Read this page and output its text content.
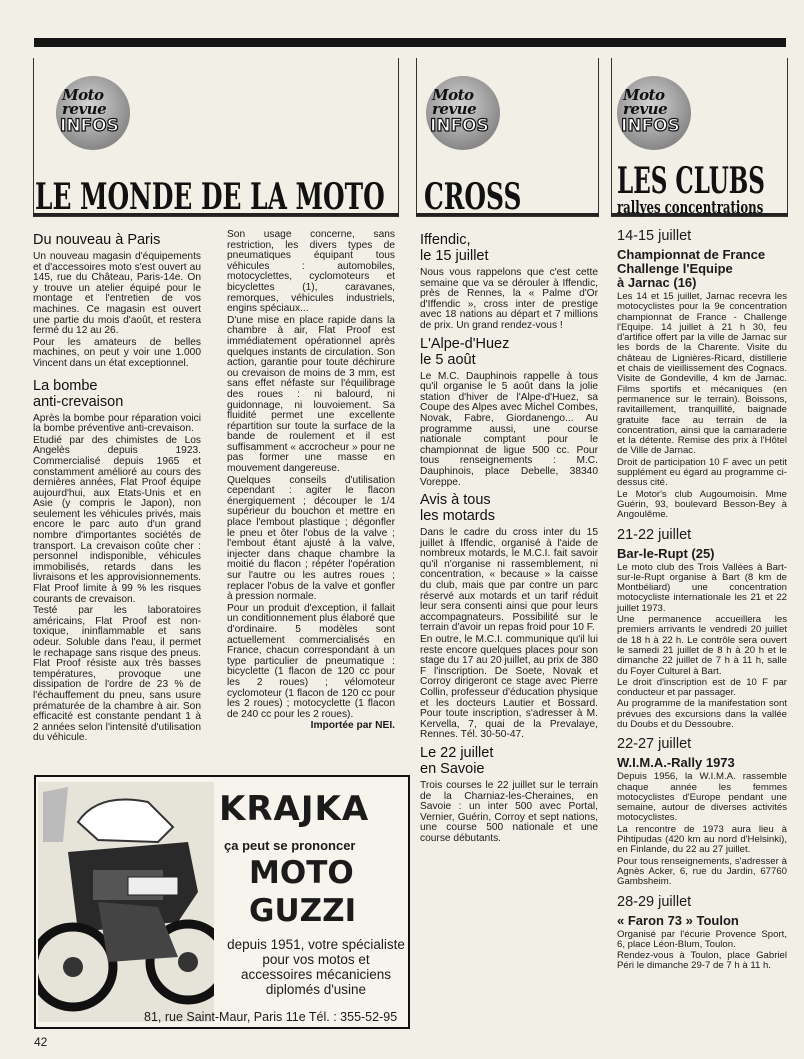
Moto
revue
INFOS
Moto
revue
INFOS
Moto
revue
INFOS
LE MONDE DE LA MOTO CROSS	LES CLUBS
rallyes concentrations
Du nouveau à Paris

Un nouveau magasin d'équipements et d'accessoires moto s'est ouvert au 145, rue du Château, Paris-14e. On y trouve un atelier équipé pour le montage et l'entretien de vos machines. Ce magasin est ouvert une partie du mois d'août, et restera fermé du 12 au 26.

Pour les amateurs de belles machines, on peut y voir une 1.000 Vincent dans un état exceptionnel.

La bombe
anti-crevaison

Après la bombe pour réparation voici la bombe préventive anti-crevaison.

Etudié par des chimistes de Los Angelès depuis 1923. Commercialisé depuis 1965 et constamment amélioré au cours des dernières années, Flat Proof équipe aujourd'hui, aux Etats-Unis et en Asie (y compris le Japon), non seulement les véhicules privés, mais encore le parc auto d'un grand nombre d'importantes sociétés de transport. La crevaison coûte cher : personnel indisponible, véhicules immobilisés, retards dans les livraisons et les approvisionnements. Flat Proof limite à 99 % les risques courants de crevaison.

Testé par les laboratoires américains, Flat Proof est non-toxique, ininflammable et sans odeur. Soluble dans l'eau, il permet le rechapage sans risque des pneus. Flat Proof résiste aux très basses températures, provoque une dissipation de l'ordre de 23 % de l'échauffement du pneu, sans usure prématurée de la chambre à air. Son efficacité est constante pendant 1 à 2 années selon l'intensité d'utilisation du véhicule.

Son usage concerne, sans restriction, les divers types de pneumatiques équipant tous véhicules : automobiles, motocyclettes, cyclomoteurs et bicyclettes (1), caravanes, remorques, véhicules industriels, engins spéciaux...

D'une mise en place rapide dans la chambre à air, Flat Proof est immédiatement opérationnel après quelques instants de circulation. Son action, garantie pour toute déchirure ou crevaison de moins de 3 mm, est sans effet néfaste sur l'équilibrage des roues : ni balourd, ni guidonnage, ni louvoiement. Sa fluidité permet une excellente répartition sur toute la surface de la bande de roulement et il est suffisamment « accrocheur » pour ne pas former une masse en mouvement dangereuse.

Quelques conseils d'utilisation cependant : agiter le flacon énergiquement ; découper le 1/4 supérieur du bouchon et mettre en place l'embout plastique ; dégonfler le pneu et ôter l'obus de la valve ; l'embout étant ajusté à la valve, injecter dans chaque chambre la moitié du flacon ; répéter l'opération sur l'autre ou les autres roues ; replacer l'obus de la valve et gonfler à pression normale.

Pour un produit d'exception, il fallait un conditionnement plus élaboré que d'ordinaire. 5 modèles sont actuellement commercialisés en France, chacun correspondant à un type particulier de pneumatique : bicyclette (1 flacon de 120 cc pour les 2 roues) ; vélomoteur cyclomoteur (1 flacon de 120 cc pour les 2 roues) ; motocyclette (1 flacon de 240 cc pour les 2 roues).

Importée par NEI.

Iffendic,
le 15 juillet

Nous vous rappelons que c'est cette semaine que va se dérouler à Iffendic, près de Rennes, la « Palme d'Or d'Iffendic », cross inter de prestige avec 18 nations au départ et 7 millions de prix. Un grand rendez-vous !

L'Alpe-d'Huez
le 5 août

Le M.C. Dauphinois rappelle à tous qu'il organise le 5 août dans la jolie station d'hiver de l'Alpe-d'Huez, sa Coupe des Alpes avec Michel Combes, Novak, Fabre, Giordanengo... Au programme aussi, une course nationale comptant pour le championnat de ligue 500 cc. Pour tous renseignements : M.C. Dauphinois, place Debelle, 38340 Voreppe.

Avis à tous
les motards

Dans le cadre du cross inter du 15 juillet à Iffendic, organisé à l'aide de nombreux motards, le M.C.I. fait savoir qu'il n'organise ni rassemblement, ni concentration, « because » la caisse du club, mais que par contre un parc réservé aux motards et un tarif réduit leur sera consenti ainsi que pour leurs accompagnateurs. Possibilité sur le terrain d'avoir un repas froid pour 10 F.

En outre, le M.C.I. communique qu'il lui reste encore quelques places pour son stage du 17 au 20 juillet, au prix de 380 F l'inscription. De Soete, Novak et Corroy dirigeront ce stage avec Pierre Collin, professeur d'éducation physique et les docteurs Lautier et Bossard. Pour toute inscription, s'adresser à M. Kervella, 7, quai de la Prevalaye, Rennes. Tél. 30-50-47.

Le 22 juillet
en Savoie

Trois courses le 22 juillet sur le terrain de la Charniaz-les-Cheraines, en Savoie : un inter 500 avec Portal, Vernier, Guérin, Corroy et sept nations, une course 500 nationale et une course débutants.

14-15 juillet
Championnat de France
Challenge l'Equipe
à Jarnac (16)

Les 14 et 15 juillet, Jarnac recevra les motocyclistes pour la 9e concentration championnat de France - Challenge l'Equipe. 14 juillet à 21 h 30, feu d'artifice offert par la ville de Jarnac sur les bords de la Charente. Visite du château de Lignières-Ricard, distillerie et chais de vieillissement des Cognacs. Visite de Gondeville, 4 km de Jarnac. Films sportifs et mécaniques (en permanence sur le terrain). Boissons, ravitaillement, tranquillité, baignade gratuite face au terrain de la concentration, ainsi que la camaraderie et la détente. Remise des prix à l'Hôtel de Ville de Jarnac.

Droit de participation 10 F avec un petit supplément eu égard au programme ci-dessus cité.

Le Motor's club Augoumoisin. Mme Guérin, 93, boulevard Besson-Bey à Angoulême.

21-22 juillet
Bar-le-Rupt (25)

Le moto club des Trois Vallées à Bart-sur-le-Rupt organise à Bart (8 km de Montbéliard) une concentration motocycliste internationale les 21 et 22 juillet 1973.

Une permanence accueillera les premiers arrivants le vendredi 20 juillet de 18 h à 22 h. Le contrôle sera ouvert le samedi 21 juillet de 8 h à 20 h et le dimanche 22 juillet de 7 h à 11 h, salle du Foyer Culturel à Bart.

Le droit d'inscription est de 10 F par conducteur et par passager.

Au programme de la manifestation sont prévues des excursions dans la vallée du Doubs et du Dessoubre.

22-27 juillet
W.I.M.A.-Rally 1973

Depuis 1956, la W.I.M.A. rassemble chaque année les femmes motocyclistes d'Europe pendant une semaine, autour de diverses activités motocyclistes.

La rencontre de 1973 aura lieu à Pihtipudas (420 km au nord d'Helsinki), en Finlande, du 22 au 27 juillet.

Pour tous renseignements, s'adresser à Agnès Acker, 6, rue du Jardin, 67760 Gambsheim.

28-29 juillet
« Faron 73 » Toulon

Organisé par l'écurie Provence Sport, 6, place Léon-Blum, Toulon.

Rendez-vous à Toulon, place Gabriel Péri le dimanche 29-7 de 7 h à 11 h.

KRAJKA
ça peut se prononcer
MOTO
GUZZI
depuis 1951, votre spécialiste pour vos motos et accessoires mécaniciens diplomés d'usine
81, rue Saint-Maur, Paris 11e Tél. : 355-52-95
42
